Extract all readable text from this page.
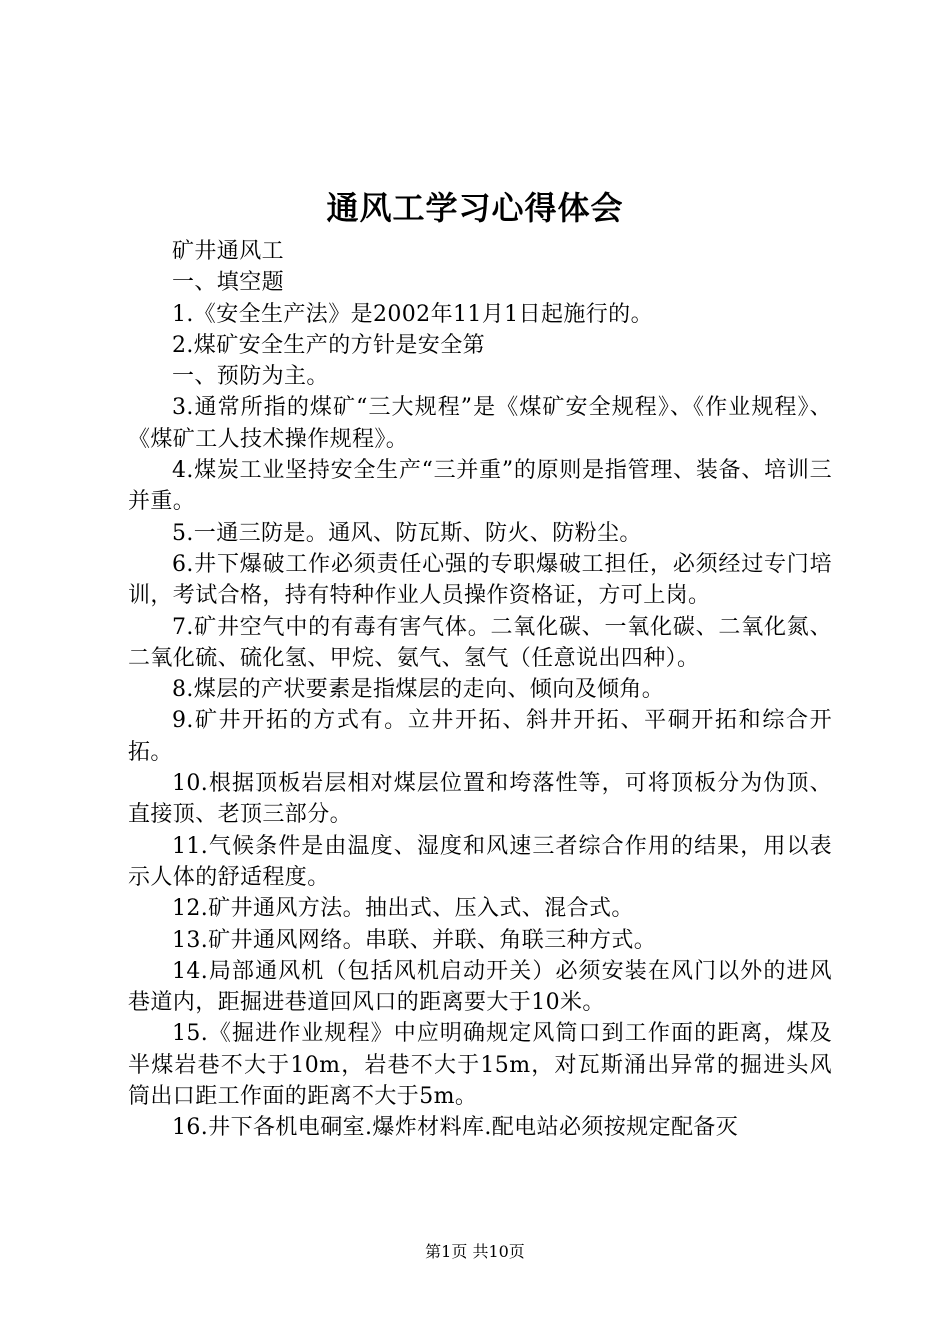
通风工学习心得体会

矿井通风工

一、填空题

1.《安全生产法》是2002年11月1日起施行的。

2.煤矿安全生产的方针是安全第

一、预防为主。

3.通常所指的煤矿“三大规程”是《煤矿安全规程》、《作业规程》、《煤矿工人技术操作规程》。

4.煤炭工业坚持安全生产“三并重”的原则是指管理、装备、培训三并重。

5.一通三防是。通风、防瓦斯、防火、防粉尘。

6.井下爆破工作必须责任心强的专职爆破工担任，必须经过专门培训，考试合格，持有特种作业人员操作资格证，方可上岗。

7.矿井空气中的有毒有害气体。二氧化碳、一氧化碳、二氧化氮、二氧化硫、硫化氢、甲烷、氨气、氢气（任意说出四种）。

8.煤层的产状要素是指煤层的走向、倾向及倾角。

9.矿井开拓的方式有。立井开拓、斜井开拓、平硐开拓和综合开拓。

10.根据顶板岩层相对煤层位置和垮落性等，可将顶板分为伪顶、直接顶、老顶三部分。

11.气候条件是由温度、湿度和风速三者综合作用的结果，用以表示人体的舒适程度。

12.矿井通风方法。抽出式、压入式、混合式。

13.矿井通风网络。串联、并联、角联三种方式。

14.局部通风机（包括风机启动开关）必须安装在风门以外的进风巷道内，距掘进巷道回风口的距离要大于10米。

15.《掘进作业规程》中应明确规定风筒口到工作面的距离，煤及半煤岩巷不大于10m，岩巷不大于15m，对瓦斯涌出异常的掘进头风筒出口距工作面的距离不大于5m。

16.井下各机电硐室.爆炸材料库.配电站必须按规定配备灭

第1页 共10页
